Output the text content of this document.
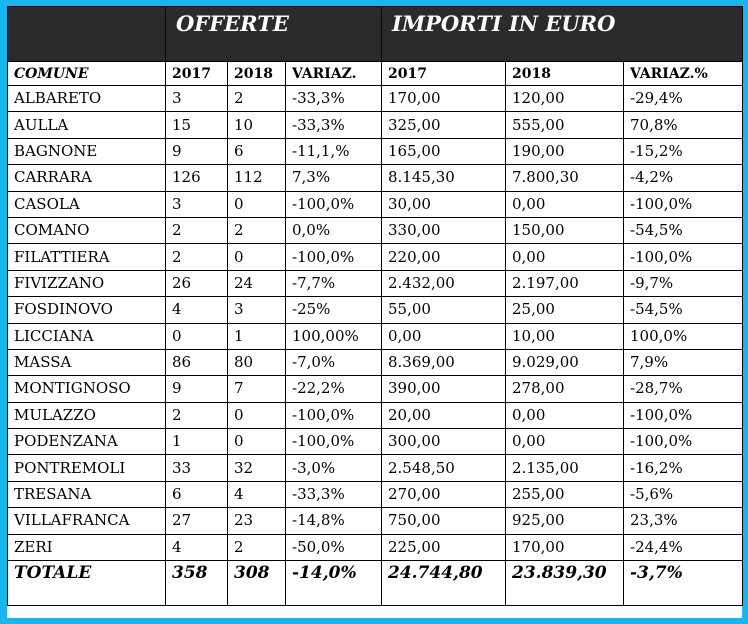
	OFFERTE			IMPORTI IN EURO		
COMUNE	2017	2018	VARIAZ.	2017	2018	VARIAZ.%
ALBARETO	3	2	-33,3%	170,00	120,00	-29,4%
AULLA	15	10	-33,3%	325,00	555,00	70,8%
BAGNONE	9	6	-11,1,%	165,00	190,00	-15,2%
CARRARA	126	112	7,3%	8.145,30	7.800,30	-4,2%
CASOLA	3	0	-100,0%	30,00	0,00	-100,0%
COMANO	2	2	0,0%	330,00	150,00	-54,5%
FILATTIERA	2	0	-100,0%	220,00	0,00	-100,0%
FIVIZZANO	26	24	-7,7%	2.432,00	2.197,00	-9,7%
FOSDINOVO	4	3	-25%	55,00	25,00	-54,5%
LICCIANA	0	1	100,00%	0,00	10,00	100,0%
MASSA	86	80	-7,0%	8.369,00	9.029,00	7,9%
MONTIGNOSO	9	7	-22,2%	390,00	278,00	-28,7%
MULAZZO	2	0	-100,0%	20,00	0,00	-100,0%
PODENZANA	1	0	-100,0%	300,00	0,00	-100,0%
PONTREMOLI	33	32	-3,0%	2.548,50	2.135,00	-16,2%
TRESANA	6	4	-33,3%	270,00	255,00	-5,6%
VILLAFRANCA	27	23	-14,8%	750,00	925,00	23,3%
ZERI	4	2	-50,0%	225,00	170,00	-24,4%
TOTALE	358	308	-14,0%	24.744,80	23.839,30	-3,7%
